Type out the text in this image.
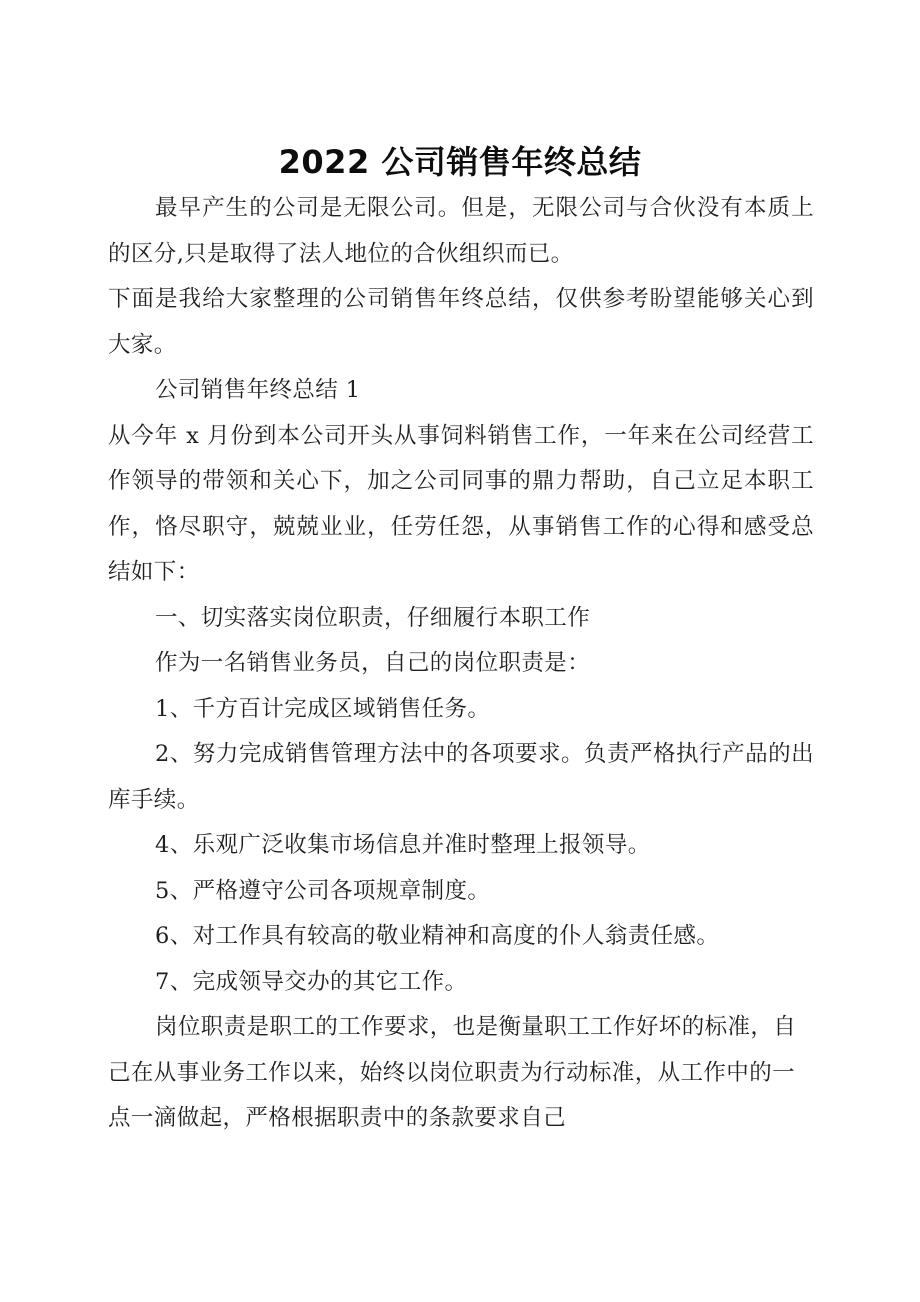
2022 公司销售年终总结

最早产生的公司是无限公司。但是，无限公司与合伙没有本质上的区分,只是取得了法人地位的合伙组织而已。

下面是我给大家整理的公司销售年终总结，仅供参考盼望能够关心到大家。

公司销售年终总结 1

从今年 x 月份到本公司开头从事饲料销售工作，一年来在公司经营工作领导的带领和关心下，加之公司同事的鼎力帮助，自己立足本职工作，恪尽职守，兢兢业业，任劳任怨，从事销售工作的心得和感受总结如下：

一、切实落实岗位职责，仔细履行本职工作

作为一名销售业务员，自己的岗位职责是：

1、千方百计完成区域销售任务。

2、努力完成销售管理方法中的各项要求。负责严格执行产品的出库手续。

4、乐观广泛收集市场信息并准时整理上报领导。

5、严格遵守公司各项规章制度。

6、对工作具有较高的敬业精神和高度的仆人翁责任感。

7、完成领导交办的其它工作。

岗位职责是职工的工作要求，也是衡量职工工作好坏的标准，自己在从事业务工作以来，始终以岗位职责为行动标准，从工作中的一点一滴做起，严格根据职责中的条款要求自己
